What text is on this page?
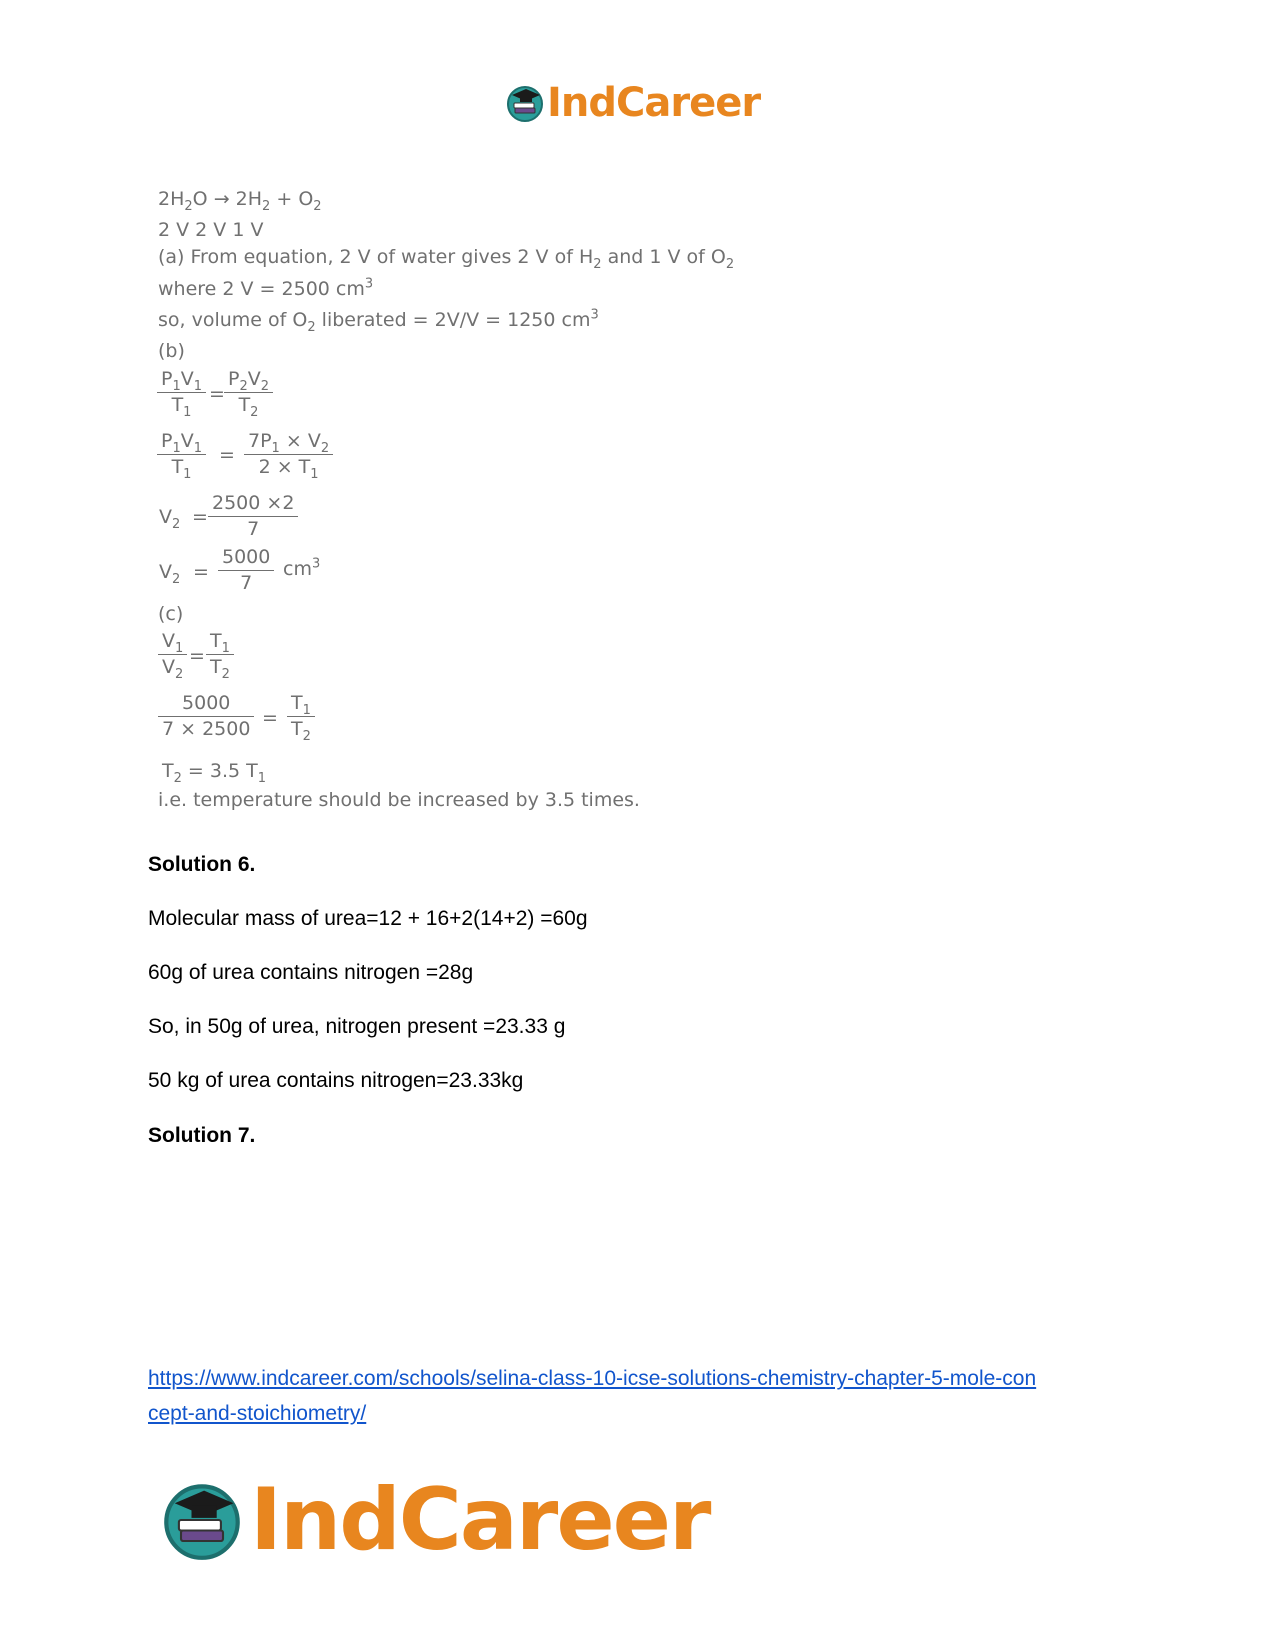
IndCareer
$2H_2O \to 2H_2 + O_2$
2 V 2 V 1 V
(a) From equation, 2 V of water gives 2 V of $H_2$ and 1 V of $O_2$
where 2 V = 2500 $cm^3$
so, volume of $O_2$ liberated = 2V/V = 1250 $cm^3$
(b)
$\frac{P_1V_1}{T_1} = \frac{P_2V_2}{T_2}$
$\frac{P_1V_1}{T_1} = \frac{7P_1 \times V_2}{2 \times T_1}$
$V_2 = \frac{2500 \times 2}{7}$
$V_2 = \frac{5000}{7} cm^3$
(c)
$\frac{V_1}{V_2} = \frac{T_1}{T_2}$
$\frac{5000}{7 \times 2500} = \frac{T_1}{T_2}$
$T_2 = 3.5$ $T_1$
i.e. temperature should be increased by 3.5 times.
Solution 6.
Molecular mass of urea=12 + 16+2(14+2) =60g
60g of urea contains nitrogen =28g
So, in 50g of urea, nitrogen present =23.33 g
50 kg of urea contains nitrogen=23.33kg
Solution 7.
https://www.indcareer.com/schools/selina-class-10-icse-solutions-chemistry-chapter-5-mole-con
cept-and-stoichiometry/
IndCareer
